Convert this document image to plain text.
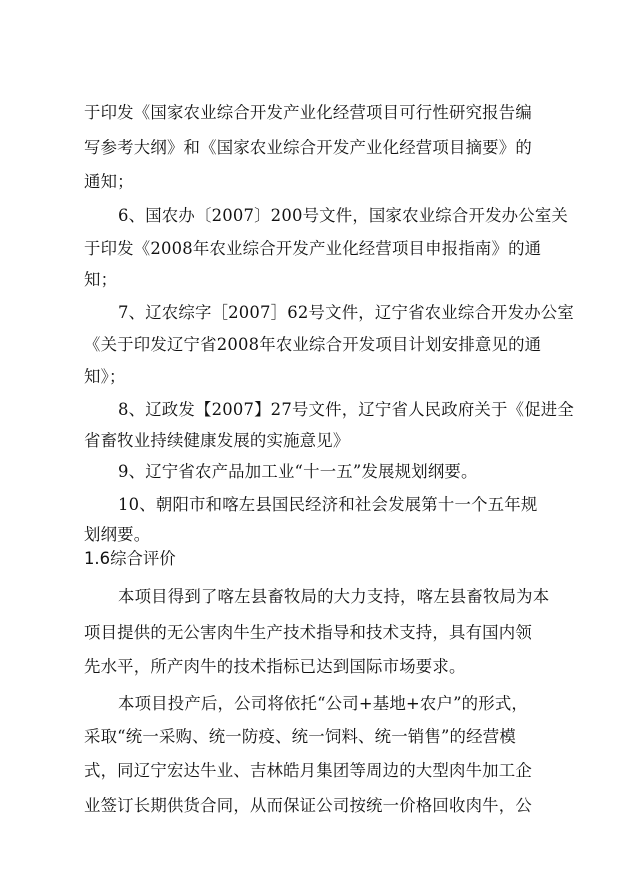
于印发《国家农业综合开发产业化经营项目可行性研究报告编
写参考大纲》和《国家农业综合开发产业化经营项目摘要》的
通知；
6、国农办〔2007〕200号文件，国家农业综合开发办公室关
于印发《2008年农业综合开发产业化经营项目申报指南》的通
知；
7、辽农综字［2007］62号文件，辽宁省农业综合开发办公室
《关于印发辽宁省2008年农业综合开发项目计划安排意见的通
知》；
8、辽政发【2007】27号文件，辽宁省人民政府关于《促进全
省畜牧业持续健康发展的实施意见》
9、辽宁省农产品加工业“十一五”发展规划纲要。
10、朝阳市和喀左县国民经济和社会发展第十一个五年规
划纲要。
1.6综合评价
本项目得到了喀左县畜牧局的大力支持，喀左县畜牧局为本
项目提供的无公害肉牛生产技术指导和技术支持，具有国内领
先水平，所产肉牛的技术指标已达到国际市场要求。
本项目投产后，公司将依托“公司+基地+农户”的形式，
采取“统一采购、统一防疫、统一饲料、统一销售”的经营模
式，同辽宁宏达牛业、吉林皓月集团等周边的大型肉牛加工企
业签订长期供货合同，从而保证公司按统一价格回收肉牛，公
